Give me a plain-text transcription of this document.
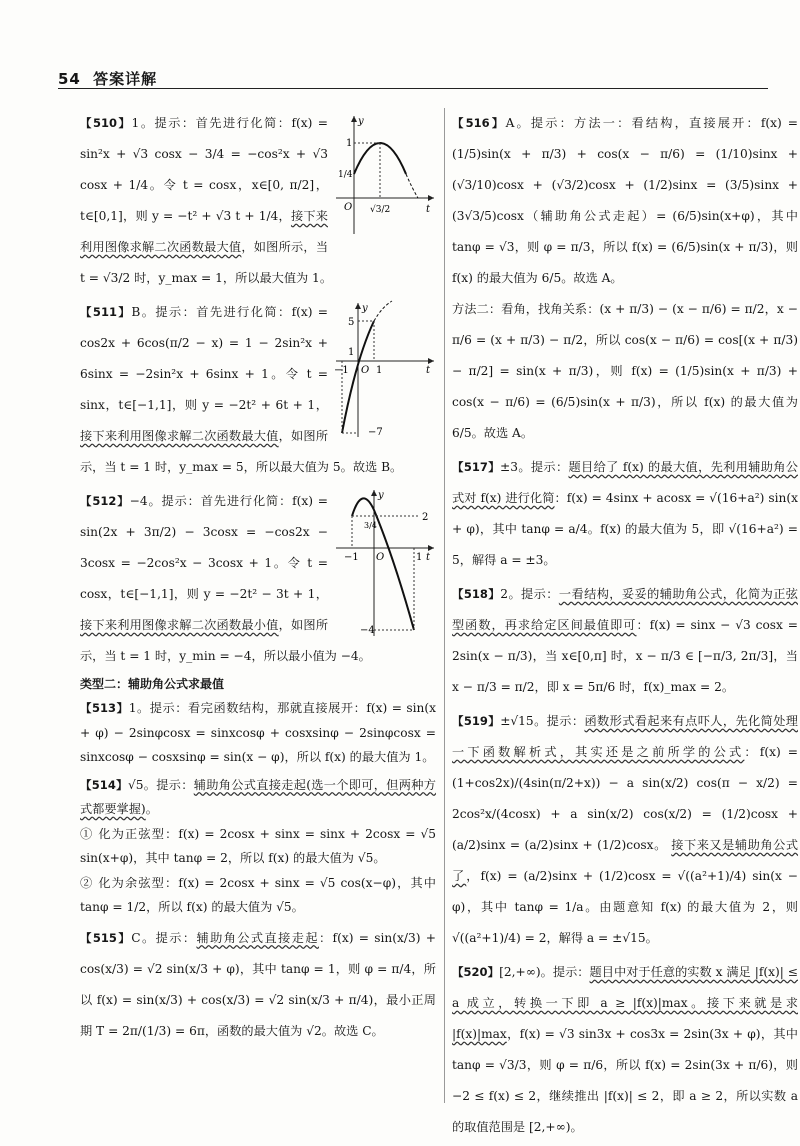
54 答案详解
1
1/4
O √3/2	t
y
【510】1。提示：首先进行化简：f(x) = sin²x + √3 cosx − 3/4 = −cos²x + √3 cosx + 1/4。令 t = cosx，x∈[0, π/2]，t∈[0,1]，则 y = −t² + √3 t + 1/4，接下来利用图像求解二次函数最大值，如图所示，当 t = √3/2 时，y_max = 1，所以最大值为 1。
5
1
−1 O 1	t
y
−7
【511】B。提示：首先进行化简：f(x) = cos2x + 6cos(π/2 − x) = 1 − 2sin²x + 6sinx = −2sin²x + 6sinx + 1。令 t = sinx，t∈[−1,1]，则 y = −2t² + 6t + 1，接下来利用图像求解二次函数最大值，如图所示，当 t = 1 时，y_max = 5，所以最大值为 5。故选 B。
2
3/4
−1 O	t
y
−4
1
1
【512】−4。提示：首先进行化简：f(x) = sin(2x + 3π/2) − 3cosx = −cos2x − 3cosx = −2cos²x − 3cosx + 1。令 t = cosx，t∈[−1,1]，则 y = −2t² − 3t + 1，接下来利用图像求解二次函数最小值，如图所示，当 t = 1 时，y_min = −4，所以最小值为 −4。
类型二：辅助角公式求最值
【513】1。提示：看完函数结构，那就直接展开：f(x) = sin(x + φ) − 2sinφcosx = sinxcosφ + cosxsinφ − 2sinφcosx = sinxcosφ − cosxsinφ = sin(x − φ)，所以 f(x) 的最大值为 1。
【514】√5。提示：辅助角公式直接走起(选一个即可，但两种方式都要掌握)。
① 化为正弦型：f(x) = 2cosx + sinx = sinx + 2cosx = √5 sin(x+φ)，其中 tanφ = 2，所以 f(x) 的最大值为 √5。
② 化为余弦型：f(x) = 2cosx + sinx = √5 cos(x−φ)，其中 tanφ = 1/2，所以 f(x) 的最大值为 √5。
【515】C。提示：辅助角公式直接走起：f(x) = sin(x/3) + cos(x/3) = √2 sin(x/3 + φ)，其中 tanφ = 1，则 φ = π/4，所以 f(x) = sin(x/3) + cos(x/3) = √2 sin(x/3 + π/4)，最小正周期 T = 2π/(1/3) = 6π，函数的最大值为 √2。故选 C。
【516】A。提示：方法一：看结构，直接展开：f(x) = (1/5)sin(x + π/3) + cos(x − π/6) = (1/10)sinx + (√3/10)cosx + (√3/2)cosx + (1/2)sinx = (3/5)sinx + (3√3/5)cosx（辅助角公式走起）= (6/5)sin(x+φ)，其中 tanφ = √3，则 φ = π/3，所以 f(x) = (6/5)sin(x + π/3)，则 f(x) 的最大值为 6/5。故选 A。
方法二：看角，找角关系：(x + π/3) − (x − π/6) = π/2，x − π/6 = (x + π/3) − π/2，所以 cos(x − π/6) = cos[(x + π/3) − π/2] = sin(x + π/3)，则 f(x) = (1/5)sin(x + π/3) + cos(x − π/6) = (6/5)sin(x + π/3)，所以 f(x) 的最大值为 6/5。故选 A。
【517】±3。提示：题目给了 f(x) 的最大值，先利用辅助角公式对 f(x) 进行化简：f(x) = 4sinx + acosx = √(16+a²) sin(x + φ)，其中 tanφ = a/4。f(x) 的最大值为 5，即 √(16+a²) = 5，解得 a = ±3。
【518】2。提示：一看结构，妥妥的辅助角公式，化简为正弦型函数，再求给定区间最值即可：f(x) = sinx − √3 cosx = 2sin(x − π/3)，当 x∈[0,π] 时，x − π/3 ∈ [−π/3, 2π/3]，当 x − π/3 = π/2，即 x = 5π/6 时，f(x)_max = 2。
【519】±√15。提示：函数形式看起来有点吓人，先化简处理一下函数解析式，其实还是之前所学的公式：f(x) = (1+cos2x)/(4sin(π/2+x)) − a sin(x/2) cos(π − x/2) = 2cos²x/(4cosx) + a sin(x/2) cos(x/2) = (1/2)cosx + (a/2)sinx = (a/2)sinx + (1/2)cosx。 接下来又是辅助角公式了，f(x) = (a/2)sinx + (1/2)cosx = √((a²+1)/4) sin(x − φ)，其中 tanφ = 1/a。由题意知 f(x) 的最大值为 2，则 √((a²+1)/4) = 2，解得 a = ±√15。
【520】[2,+∞)。提示：题目中对于任意的实数 x 满足 |f(x)| ≤ a 成立，转换一下即 a ≥ |f(x)|max。接下来就是求 |f(x)|max，f(x) = √3 sin3x + cos3x = 2sin(3x + φ)，其中 tanφ = √3/3，则 φ = π/6，所以 f(x) = 2sin(3x + π/6)，则 −2 ≤ f(x) ≤ 2，继续推出 |f(x)| ≤ 2，即 a ≥ 2，所以实数 a 的取值范围是 [2,+∞)。
